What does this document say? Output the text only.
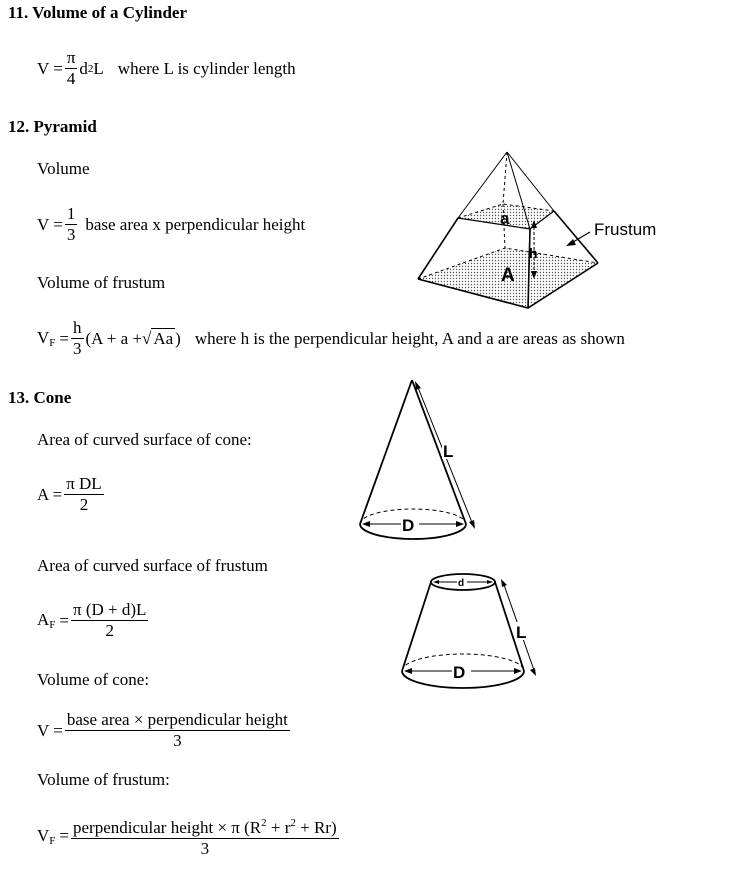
11. Volume of a Cylinder
$V = \frac{\pi}{4}$ d 2 L where L is cylinder length
12. Pyramid
Volume
$V = \frac{1}{3}$ base area x perpendicular height
Volume of frustum
$V_F = \frac{h}{3} (A + a$ + √ Aa ) where h is the perpendicular height, A and a are areas as shown
a
h
A
Frustum
13. Cone
Area of curved surface of cone:
$A = \frac{\text{π DL}}{2}$
Area of curved surface of frustum
$A_F = \frac{\pi (D + d)L}{2}$
Volume of cone:
$V = \frac{\text{base area × perpendicular height}}{3}$
Volume of frustum:
$V_F = \frac{perpendicular height \times \pi (R^2 + r^2 + Rr)}{3}$
D
L
d
D
L
